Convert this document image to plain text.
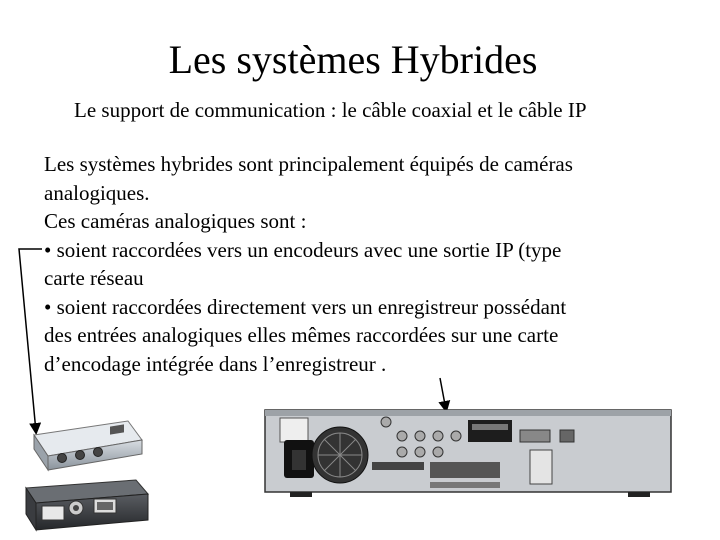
Les systèmes Hybrides
Le support de communication : le câble coaxial et le câble IP
Les systèmes hybrides sont principalement équipés de caméras
analogiques.
Ces caméras analogiques sont :
• soient raccordées vers un encodeurs avec une sortie IP (type
carte réseau
• soient raccordées directement vers un enregistreur possédant
des entrées analogiques elles mêmes raccordées sur une carte
d’encodage intégrée dans l’enregistreur .
